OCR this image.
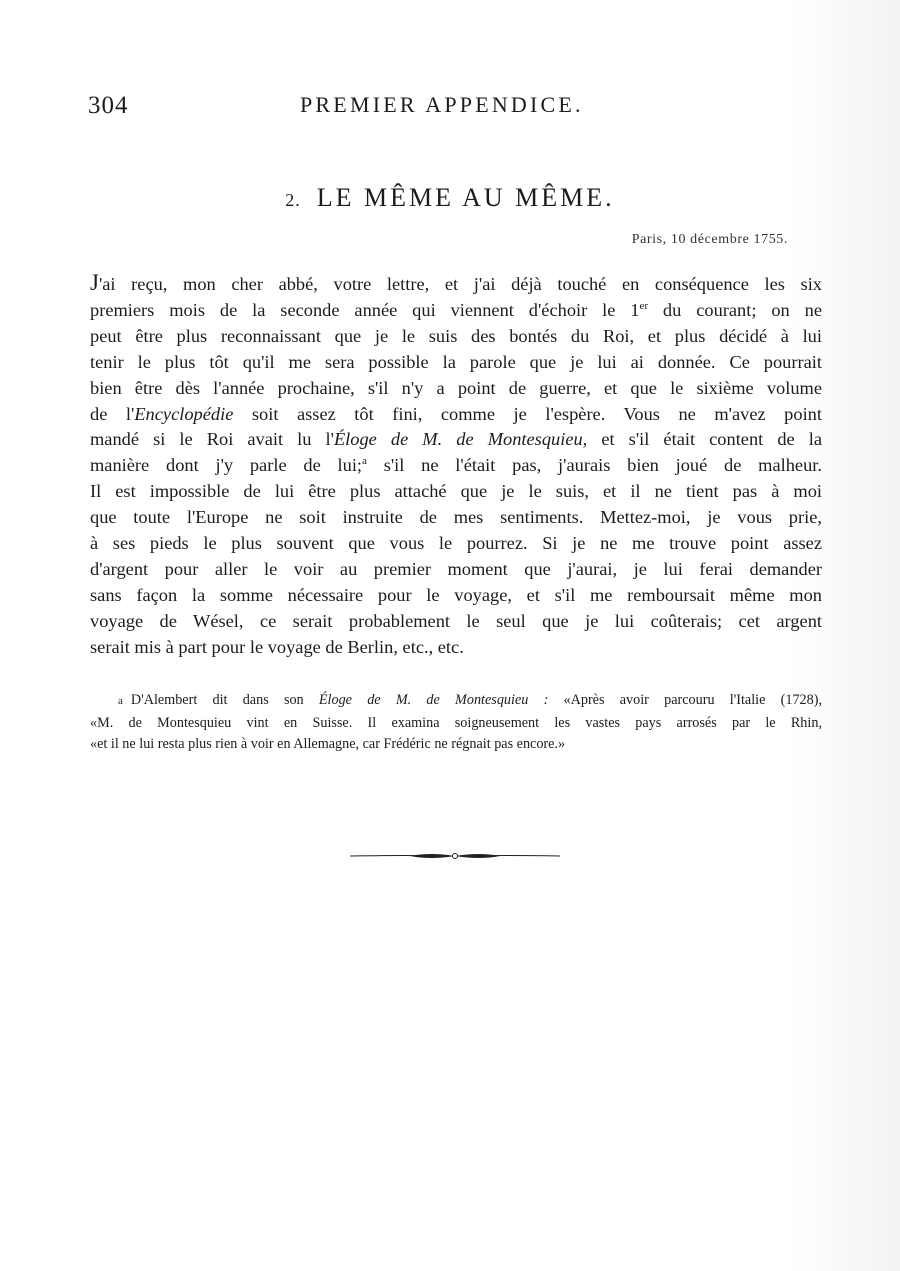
304	PREMIER APPENDICE.
2. LE MÊME AU MÊME.
Paris, 10 décembre 1755.
J'ai reçu, mon cher abbé, votre lettre, et j'ai déjà touché en conséquence les six
premiers mois de la seconde année qui viennent d'échoir le 1er du courant; on ne
peut être plus reconnaissant que je le suis des bontés du Roi, et plus décidé à lui
tenir le plus tôt qu'il me sera possible la parole que je lui ai donnée. Ce pourrait
bien être dès l'année prochaine, s'il n'y a point de guerre, et que le sixième volume
de l'Encyclopédie soit assez tôt fini, comme je l'espère. Vous ne m'avez point
mandé si le Roi avait lu l'Éloge de M. de Montesquieu, et s'il était content de la
manière dont j'y parle de lui;$^a$ s'il ne l'était pas, j'aurais bien joué de malheur.
Il est impossible de lui être plus attaché que je le suis, et il ne tient pas à moi
que toute l'Europe ne soit instruite de mes sentiments. Mettez-moi, je vous prie,
à ses pieds le plus souvent que vous le pourrez. Si je ne me trouve point assez
d'argent pour aller le voir au premier moment que j'aurai, je lui ferai demander
sans façon la somme nécessaire pour le voyage, et s'il me remboursait même mon
voyage de Wésel, ce serait probablement le seul que je lui coûterais; cet argent
serait mis à part pour le voyage de Berlin, etc., etc.
a D'Alembert dit dans son Éloge de M. de Montesquieu : «Après avoir parcouru l'Italie (1728),
«M. de Montesquieu vint en Suisse. Il examina soigneusement les vastes pays arrosés par le Rhin,
«et il ne lui resta plus rien à voir en Allemagne, car Frédéric ne régnait pas encore.»
